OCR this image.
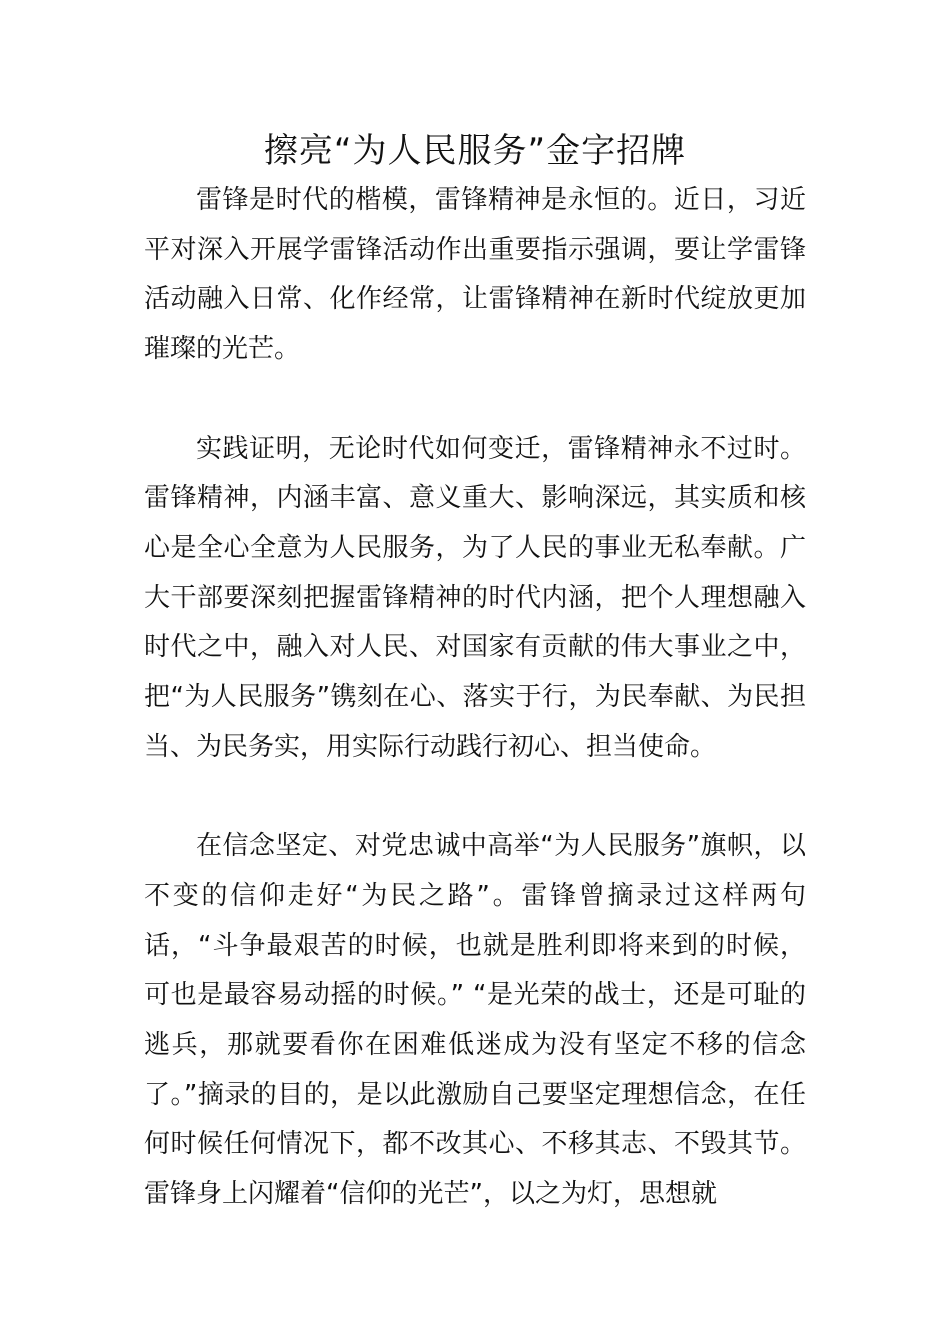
擦亮“为人民服务”金字招牌

雷锋是时代的楷模，雷锋精神是永恒的。近日，习近平对深入开展学雷锋活动作出重要指示强调，要让学雷锋活动融入日常、化作经常，让雷锋精神在新时代绽放更加璀璨的光芒。

实践证明，无论时代如何变迁，雷锋精神永不过时。雷锋精神，内涵丰富、意义重大、影响深远，其实质和核心是全心全意为人民服务，为了人民的事业无私奉献。广大干部要深刻把握雷锋精神的时代内涵，把个人理想融入时代之中，融入对人民、对国家有贡献的伟大事业之中，把“为人民服务”镌刻在心、落实于行，为民奉献、为民担当、为民务实，用实际行动践行初心、担当使命。

在信念坚定、对党忠诚中高举“为人民服务”旗帜，以不变的信仰走好“为民之路”。雷锋曾摘录过这样两句话，“斗争最艰苦的时候，也就是胜利即将来到的时候，可也是最容易动摇的时候。” “是光荣的战士，还是可耻的逃兵，那就要看你在困难低迷成为没有坚定不移的信念了。”摘录的目的，是以此激励自己要坚定理想信念，在任何时候任何情况下，都不改其心、不移其志、不毁其节。雷锋身上闪耀着“信仰的光芒”，以之为灯，思想就
